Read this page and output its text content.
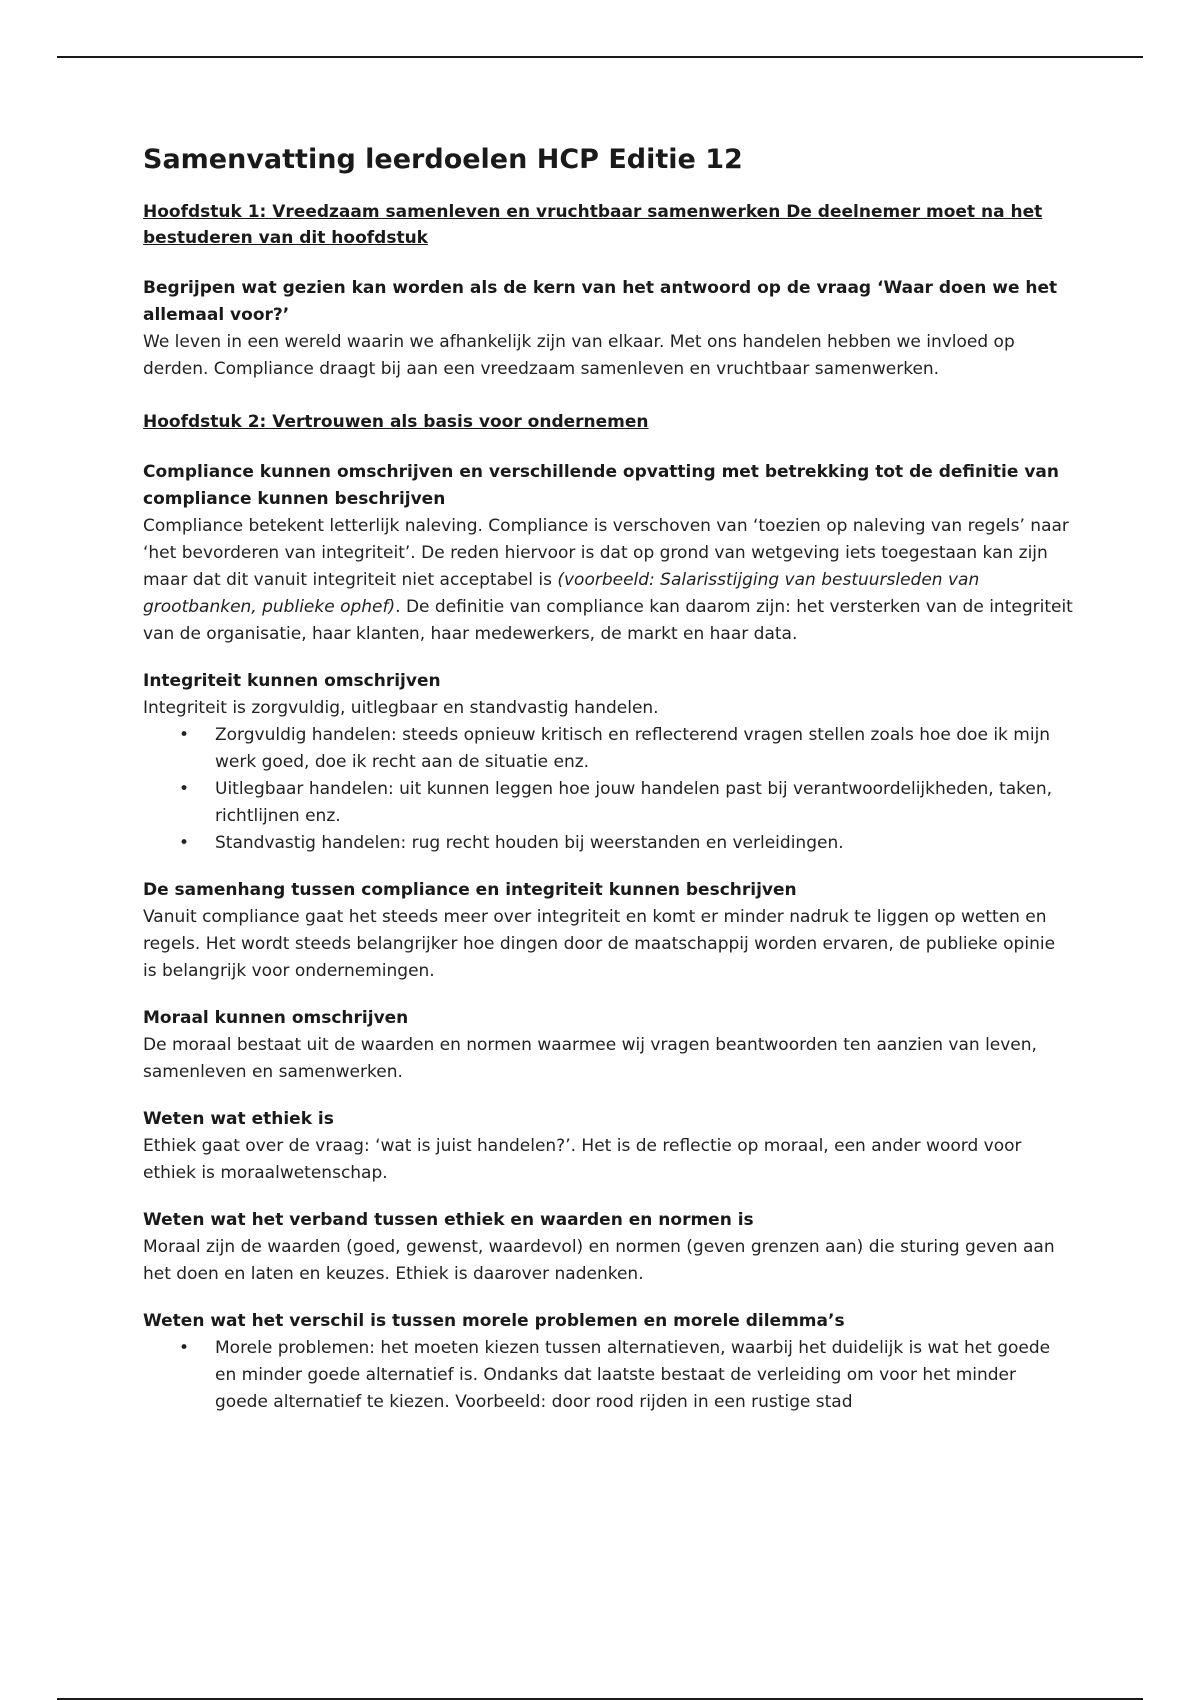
Samenvatting leerdoelen HCP Editie 12

Hoofdstuk 1: Vreedzaam samenleven en vruchtbaar samenwerken De deelnemer moet na het bestuderen van dit hoofdstuk

Begrijpen wat gezien kan worden als de kern van het antwoord op de vraag ‘Waar doen we het allemaal voor?’

We leven in een wereld waarin we afhankelijk zijn van elkaar. Met ons handelen hebben we invloed op derden. Compliance draagt bij aan een vreedzaam samenleven en vruchtbaar samenwerken.

Hoofdstuk 2: Vertrouwen als basis voor ondernemen

Compliance kunnen omschrijven en verschillende opvatting met betrekking tot de definitie van compliance kunnen beschrijven

Compliance betekent letterlijk naleving. Compliance is verschoven van ‘toezien op naleving van regels’ naar ‘het bevorderen van integriteit’. De reden hiervoor is dat op grond van wetgeving iets toegestaan kan zijn maar dat dit vanuit integriteit niet acceptabel is (voorbeeld: Salarisstijging van bestuursleden van grootbanken, publieke ophef). De definitie van compliance kan daarom zijn: het versterken van de integriteit van de organisatie, haar klanten, haar medewerkers, de markt en haar data.

Integriteit kunnen omschrijven

Integriteit is zorgvuldig, uitlegbaar en standvastig handelen.

• Zorgvuldig handelen: steeds opnieuw kritisch en reflecterend vragen stellen zoals hoe doe ik mijn werk goed, doe ik recht aan de situatie enz.
• Uitlegbaar handelen: uit kunnen leggen hoe jouw handelen past bij verantwoordelijkheden, taken, richtlijnen enz.
• Standvastig handelen: rug recht houden bij weerstanden en verleidingen.

De samenhang tussen compliance en integriteit kunnen beschrijven

Vanuit compliance gaat het steeds meer over integriteit en komt er minder nadruk te liggen op wetten en regels. Het wordt steeds belangrijker hoe dingen door de maatschappij worden ervaren, de publieke opinie is belangrijk voor ondernemingen.

Moraal kunnen omschrijven

De moraal bestaat uit de waarden en normen waarmee wij vragen beantwoorden ten aanzien van leven, samenleven en samenwerken.

Weten wat ethiek is

Ethiek gaat over de vraag: ‘wat is juist handelen?’. Het is de reflectie op moraal, een ander woord voor ethiek is moraalwetenschap.

Weten wat het verband tussen ethiek en waarden en normen is

Moraal zijn de waarden (goed, gewenst, waardevol) en normen (geven grenzen aan) die sturing geven aan het doen en laten en keuzes. Ethiek is daarover nadenken.

Weten wat het verschil is tussen morele problemen en morele dilemma’s

• Morele problemen: het moeten kiezen tussen alternatieven, waarbij het duidelijk is wat het goede en minder goede alternatief is. Ondanks dat laatste bestaat de verleiding om voor het minder goede alternatief te kiezen. Voorbeeld: door rood rijden in een rustige stad
